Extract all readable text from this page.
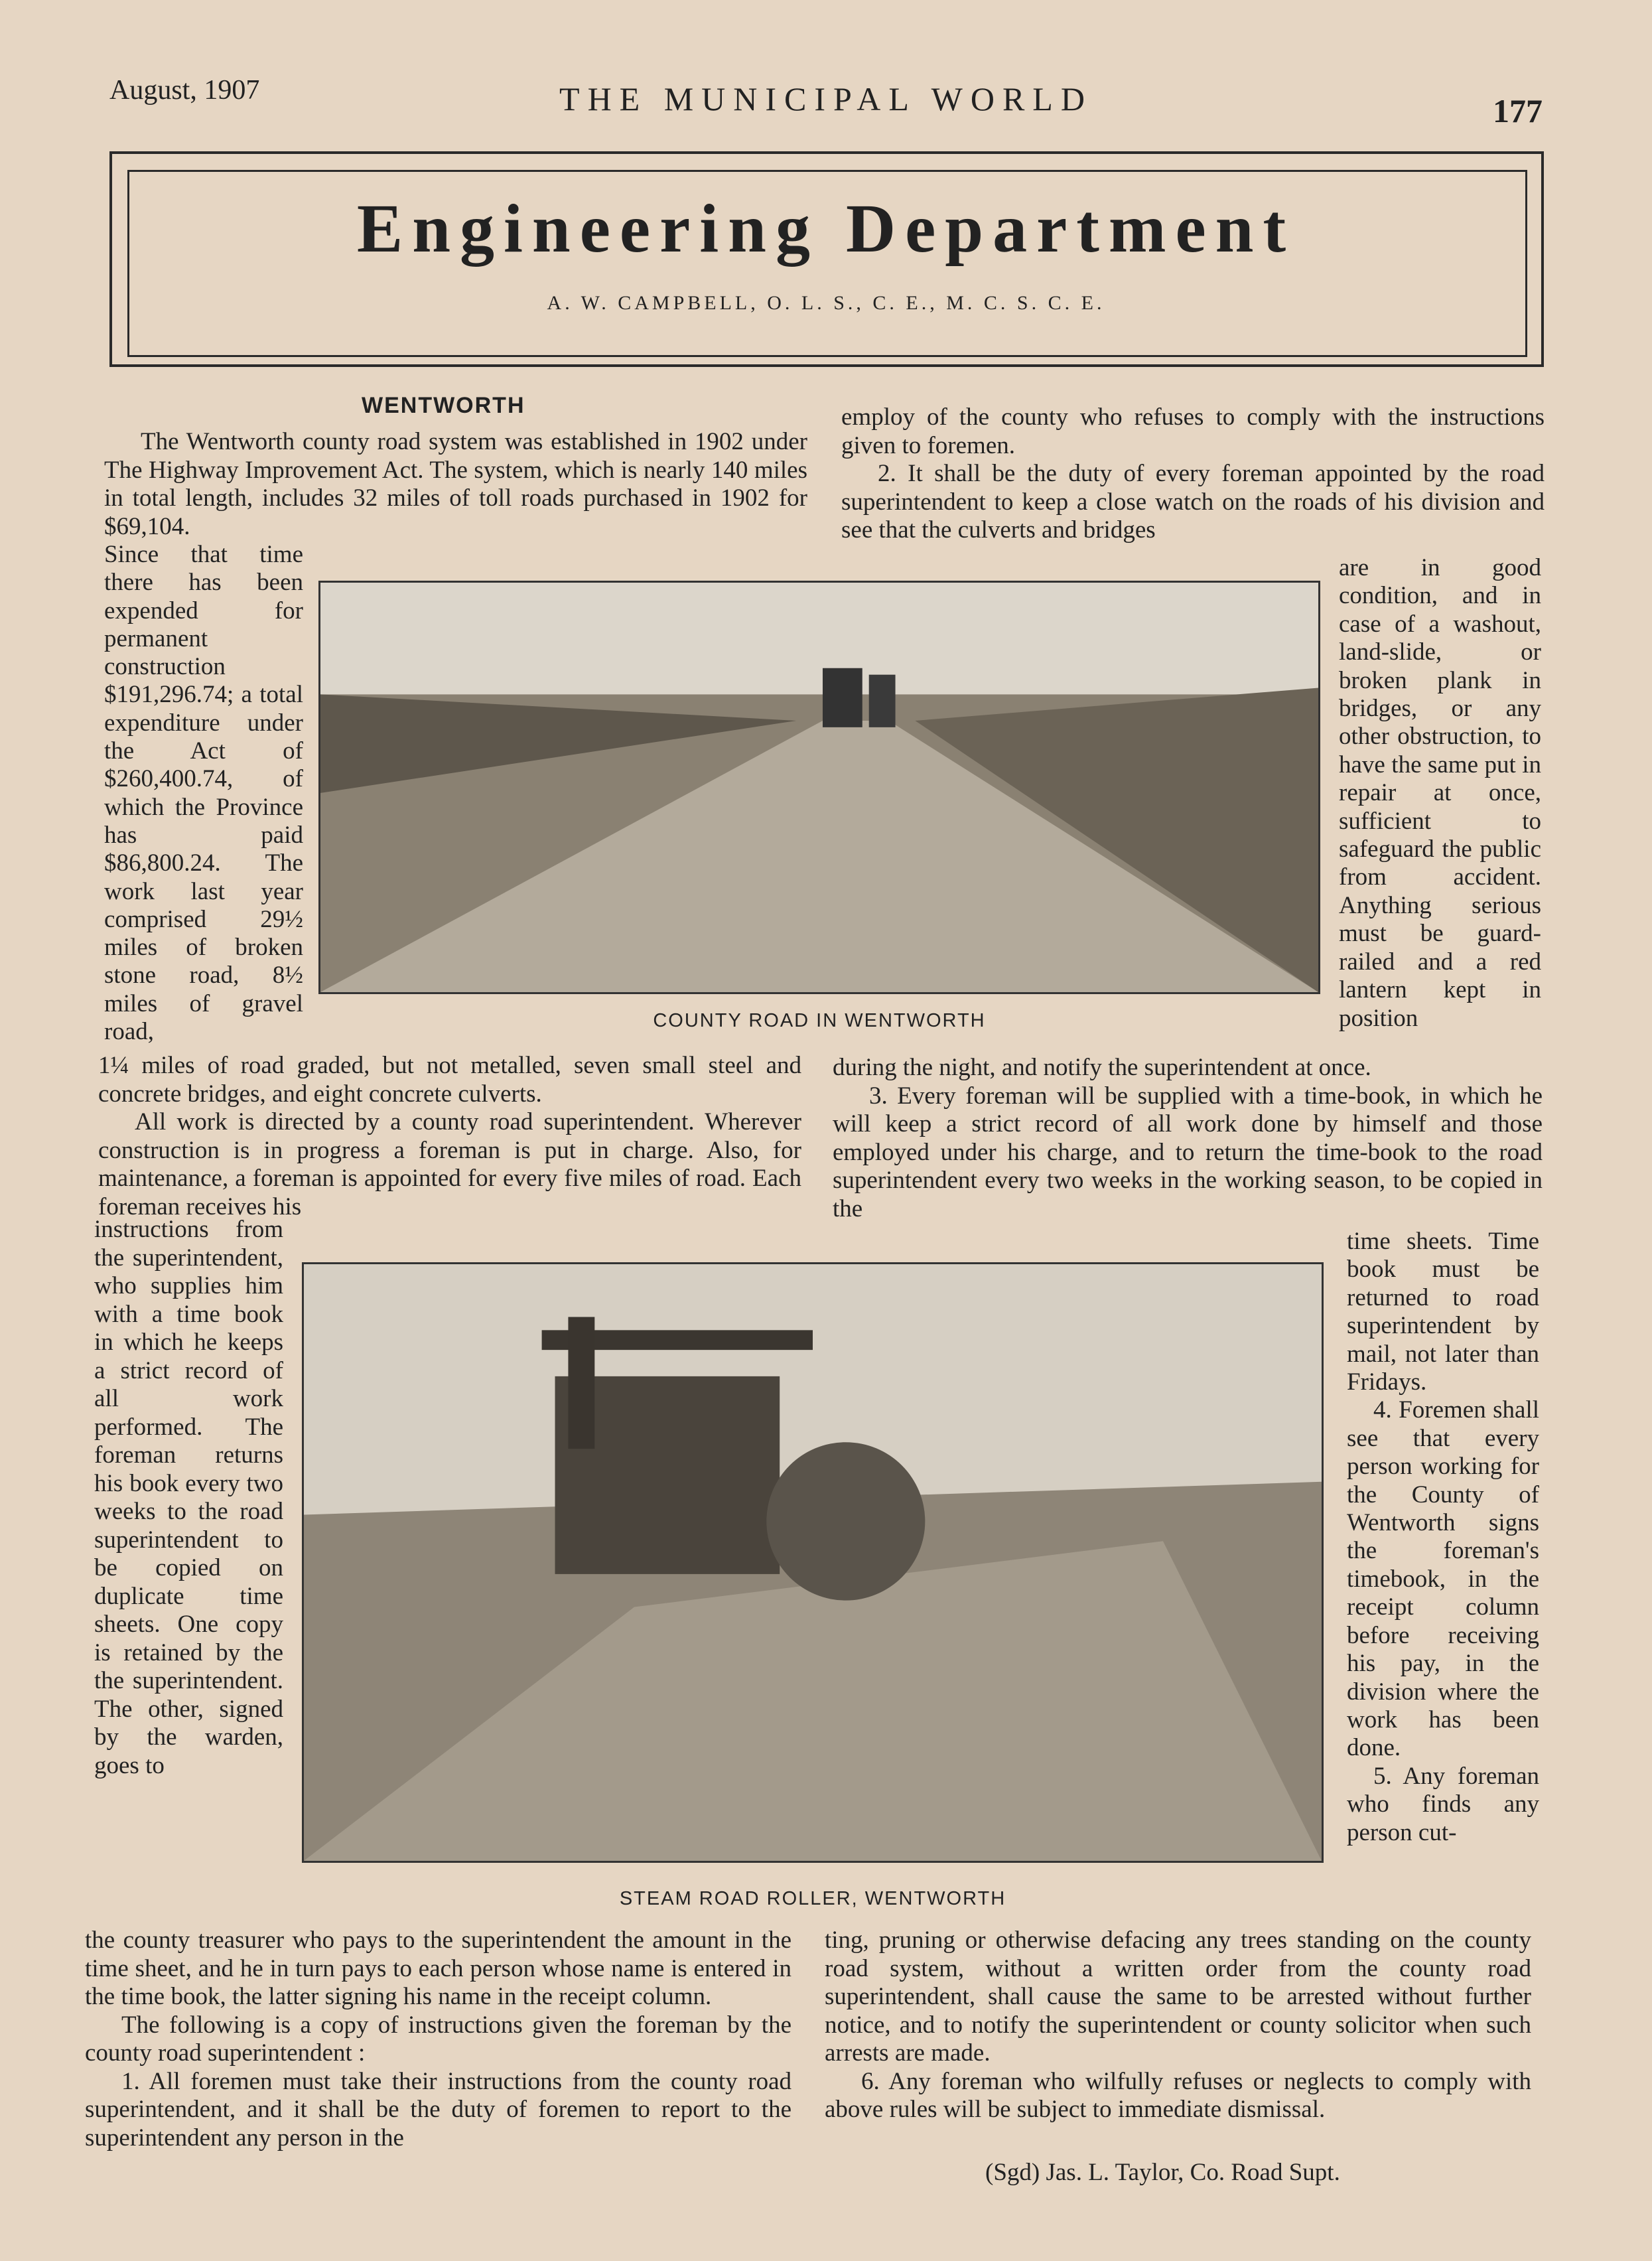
August, 1907	THE MUNICIPAL WORLD	177
Engineering Department
A. W. CAMPBELL, O. L. S., C. E., M. C. S. C. E.
WENTWORTH

The Wentworth county road system was established in 1902 under The Highway Improvement Act. The system, which is nearly 140 miles in total length, includes 32 miles of toll roads purchased in 1902 for $69,104.

Since that time there has been expended for permanent construction $191,296.74; a total expenditure under the Act of $260,400.74, of which the Province has paid $86,800.24. The work last year comprised 29½ miles of broken stone road, 8½ miles of gravel road,	COUNTY ROAD IN WENTWORTH

1¼ miles of road graded, but not metalled, seven small steel and concrete bridges, and eight concrete culverts.

All work is directed by a county road superintendent. Wherever construction is in progress a foreman is put in charge. Also, for maintenance, a foreman is appointed for every five miles of road. Each foreman receives his

instructions from the superintendent, who supplies him with a time book in which he keeps a strict record of all work performed. The foreman returns his book every two weeks to the road superintendent to be copied on duplicate time sheets. One copy is retained by the the superintendent. The other, signed by the warden, goes to

STEAM ROAD ROLLER, WENTWORTH

the county treasurer who pays to the superintendent the amount in the time sheet, and he in turn pays to each person whose name is entered in the time book, the latter signing his name in the receipt column.

The following is a copy of instructions given the foreman by the county road superintendent :

1. All foremen must take their instructions from the county road superintendent, and it shall be the duty of foremen to report to the superintendent any person in the

employ of the county who refuses to comply with the instructions given to foremen.

2. It shall be the duty of every foreman appointed by the road superintendent to keep a close watch on the roads of his division and see that the culverts and bridges

are in good condition, and in case of a washout, land-slide, or broken plank in bridges, or any other obstruction, to have the same put in repair at once, sufficient to safeguard the public from accident. Anything serious must be guard-railed and a red lantern kept in position

during the night, and notify the superintendent at once.

3. Every foreman will be supplied with a time-book, in which he will keep a strict record of all work done by himself and those employed under his charge, and to return the time-book to the road superintendent every two weeks in the working season, to be copied in the

time sheets. Time book must be returned to road superintendent by mail, not later than Fridays.

4. Foremen shall see that every person working for the County of Wentworth signs the foreman's timebook, in the receipt column before receiving his pay, in the division where the work has been done.

5. Any foreman who finds any person cut-

ting, pruning or otherwise defacing any trees standing on the county road system, without a written order from the county road superintendent, shall cause the same to be arrested without further notice, and to notify the superintendent or county solicitor when such arrests are made.

6. Any foreman who wilfully refuses or neglects to comply with above rules will be subject to immediate dismissal.

(Sgd) Jas. L. Taylor, Co. Road Supt.
